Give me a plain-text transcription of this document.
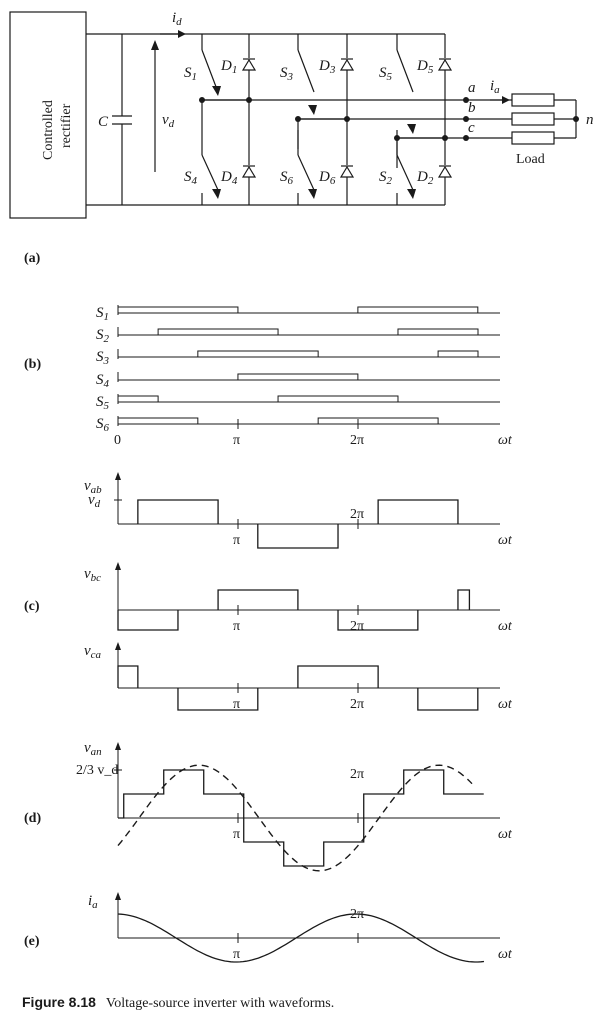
Controlled rectifier
$i_d$
C	$v_d$
$S_1$
$D_1$
$S_4$ $D_4$
$S_3$
$D_3$
$S_6$ $D_6$
$S_5$
$D_5$
$S_2$ $D_2$
a
b
c
$i_a$
n
Load
(a)
(b)
(c)
(d)
(e)
$S_1$
$S_2$
$S_3$
$S_4$
$S_5$
$S_6$
π	2π	ωt
0
π
2π
ωt
$v_{ab}$
$v_d$
π	2π	ωt
$v_{bc}$
π	2π	ωt
$v_{ca}$
π
2π
ωt
$v_{an}$
2/3 v_d
π
2π
ωt
$i_a$
Figure 8.18 Voltage-source inverter with waveforms.
